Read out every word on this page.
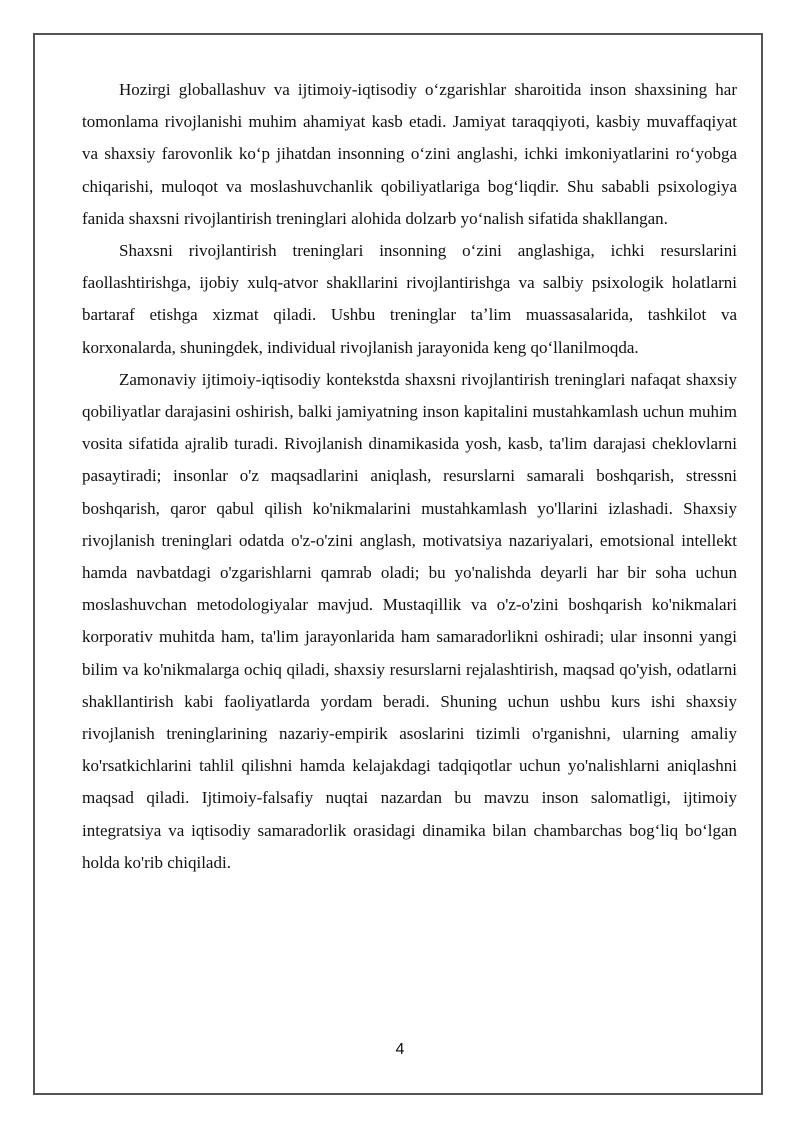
Hozirgi globallashuv va ijtimoiy-iqtisodiy oʻzgarishlar sharoitida inson shaxsining har tomonlama rivojlanishi muhim ahamiyat kasb etadi. Jamiyat taraqqiyoti, kasbiy muvaffaqiyat va shaxsiy farovonlik koʻp jihatdan insonning oʻzini anglashi, ichki imkoniyatlarini roʻyobga chiqarishi, muloqot va moslashuvchanlik qobiliyatlariga bogʻliqdir. Shu sababli psixologiya fanida shaxsni rivojlantirish treninglari alohida dolzarb yoʻnalish sifatida shakllangan.

Shaxsni rivojlantirish treninglari insonning oʻzini anglashiga, ichki resurslarini faollashtirishga, ijobiy xulq-atvor shakllarini rivojlantirishga va salbiy psixologik holatlarni bartaraf etishga xizmat qiladi. Ushbu treninglar taʼlim muassasalarida, tashkilot va korxonalarda, shuningdek, individual rivojlanish jarayonida keng qoʻllanilmoqda.

Zamonaviy ijtimoiy-iqtisodiy kontekstda shaxsni rivojlantirish treninglari nafaqat shaxsiy qobiliyatlar darajasini oshirish, balki jamiyatning inson kapitalini mustahkamlash uchun muhim vosita sifatida ajralib turadi. Rivojlanish dinamikasida yosh, kasb, ta'lim darajasi cheklovlarni pasaytiradi; insonlar o'z maqsadlarini aniqlash, resurslarni samarali boshqarish, stressni boshqarish, qaror qabul qilish ko'nikmalarini mustahkamlash yo'llarini izlashadi. Shaxsiy rivojlanish treninglari odatda o'z-o'zini anglash, motivatsiya nazariyalari, emotsional intellekt hamda navbatdagi o'zgarishlarni qamrab oladi; bu yo'nalishda deyarli har bir soha uchun moslashuvchan metodologiyalar mavjud. Mustaqillik va o'z-o'zini boshqarish ko'nikmalari korporativ muhitda ham, ta'lim jarayonlarida ham samaradorlikni oshiradi; ular insonni yangi bilim va ko'nikmalarga ochiq qiladi, shaxsiy resurslarni rejalashtirish, maqsad qo'yish, odatlarni shakllantirish kabi faoliyatlarda yordam beradi. Shuning uchun ushbu kurs ishi shaxsiy rivojlanish treninglarining nazariy-empirik asoslarini tizimli o'rganishni, ularning amaliy ko'rsatkichlarini tahlil qilishni hamda kelajakdagi tadqiqotlar uchun yo'nalishlarni aniqlashni maqsad qiladi. Ijtimoiy-falsafiy nuqtai nazardan bu mavzu inson salomatligi, ijtimoiy integratsiya va iqtisodiy samaradorlik orasidagi dinamika bilan chambarchas bogʻliq boʻlgan holda ko'rib chiqiladi.

4
